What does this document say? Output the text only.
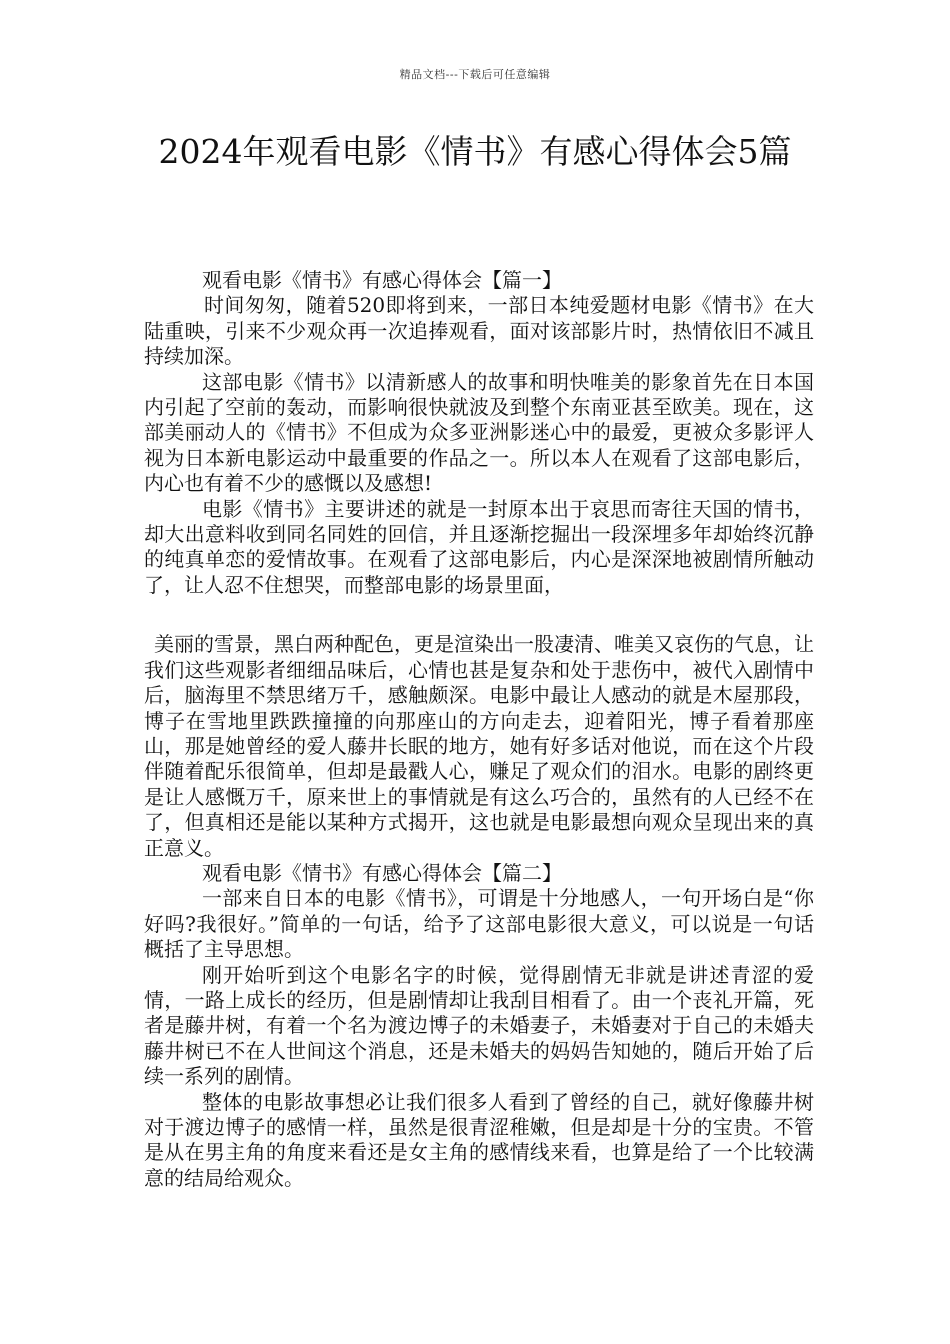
精品文档---下载后可任意编辑
2024年观看电影《情书》有感心得体会5篇

观看电影《情书》有感心得体会【篇一】

时间匆匆，随着520即将到来，一部日本纯爱题材电影《情书》在大陆重映，引来不少观众再一次追捧观看，面对该部影片时，热情依旧不减且持续加深。

这部电影《情书》以清新感人的故事和明快唯美的影象首先在日本国内引起了空前的轰动，而影响很快就波及到整个东南亚甚至欧美。现在，这部美丽动人的《情书》不但成为众多亚洲影迷心中的最爱，更被众多影评人视为日本新电影运动中最重要的作品之一。所以本人在观看了这部电影后，内心也有着不少的感慨以及感想!

电影《情书》主要讲述的就是一封原本出于哀思而寄往天国的情书，却大出意料收到同名同姓的回信，并且逐渐挖掘出一段深埋多年却始终沉静的纯真单恋的爱情故事。在观看了这部电影后，内心是深深地被剧情所触动了，让人忍不住想哭，而整部电影的场景里面，

美丽的雪景，黑白两种配色，更是渲染出一股凄清、唯美又哀伤的气息，让我们这些观影者细细品味后，心情也甚是复杂和处于悲伤中，被代入剧情中后，脑海里不禁思绪万千，感触颇深。电影中最让人感动的就是木屋那段，博子在雪地里跌跌撞撞的向那座山的方向走去，迎着阳光，博子看着那座山，那是她曾经的爱人藤井长眠的地方，她有好多话对他说，而在这个片段伴随着配乐很简单，但却是最戳人心，赚足了观众们的泪水。电影的剧终更是让人感慨万千，原来世上的事情就是有这么巧合的，虽然有的人已经不在了，但真相还是能以某种方式揭开，这也就是电影最想向观众呈现出来的真正意义。

观看电影《情书》有感心得体会【篇二】

一部来自日本的电影《情书》，可谓是十分地感人，一句开场白是“你好吗?我很好。”简单的一句话，给予了这部电影很大意义，可以说是一句话概括了主导思想。

刚开始听到这个电影名字的时候，觉得剧情无非就是讲述青涩的爱情，一路上成长的经历，但是剧情却让我刮目相看了。由一个丧礼开篇，死者是藤井树，有着一个名为渡边博子的未婚妻子，未婚妻对于自己的未婚夫藤井树已不在人世间这个消息，还是未婚夫的妈妈告知她的，随后开始了后续一系列的剧情。

整体的电影故事想必让我们很多人看到了曾经的自己，就好像藤井树对于渡边博子的感情一样，虽然是很青涩稚嫩，但是却是十分的宝贵。不管是从在男主角的角度来看还是女主角的感情线来看，也算是给了一个比较满意的结局给观众。
